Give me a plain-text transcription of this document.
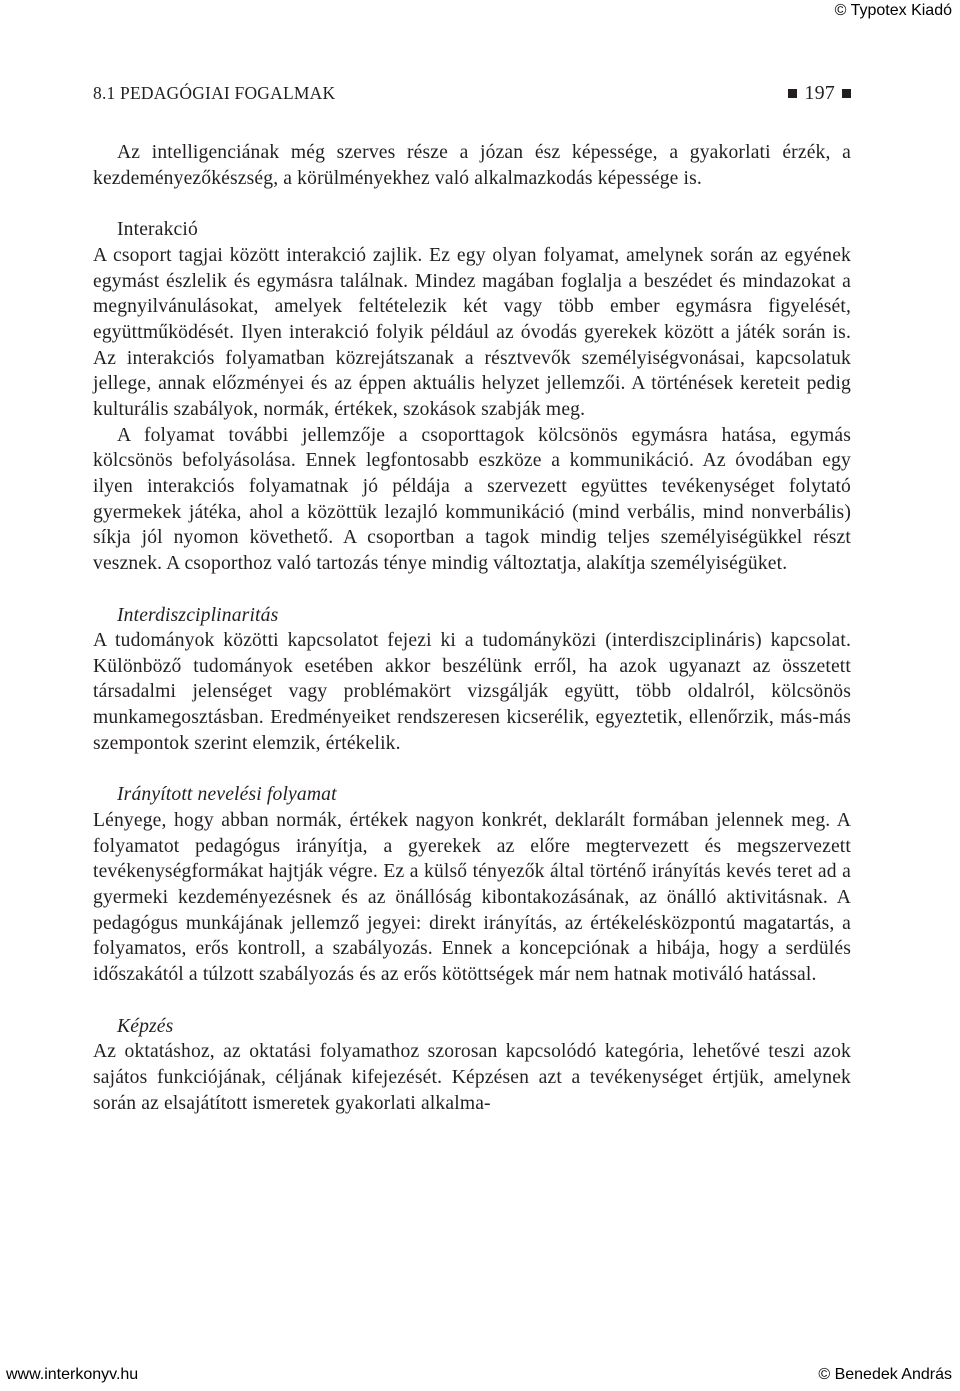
© Typotex Kiadó
8.1 PEDAGÓGIAI FOGALMAK	197

Az intelligenciának még szerves része a józan ész képessége, a gyakorlati érzék, a kezdeményezőkészség, a körülményekhez való alkalmazkodás képessége is.

Interakció

A csoport tagjai között interakció zajlik. Ez egy olyan folyamat, amelynek során az egyének egymást észlelik és egymásra találnak. Mindez magában foglalja a beszédet és mindazokat a megnyilvánulásokat, amelyek feltételezik két vagy több ember egymásra figyelését, együttműködését. Ilyen interakció folyik például az óvodás gyerekek között a játék során is. Az interakciós folyamatban közrejátszanak a résztvevők személyiségvonásai, kapcsolatuk jellege, annak előzményei és az éppen aktuális helyzet jellemzői. A történések kereteit pedig kulturális szabályok, normák, értékek, szokások szabják meg.

A folyamat további jellemzője a csoporttagok kölcsönös egymásra hatása, egymás kölcsönös befolyásolása. Ennek legfontosabb eszköze a kommunikáció. Az óvodában egy ilyen interakciós folyamatnak jó példája a szervezett együttes tevékenységet folytató gyermekek játéka, ahol a közöttük lezajló kommunikáció (mind verbális, mind nonverbális) síkja jól nyomon követhető. A csoportban a tagok mindig teljes személyiségükkel részt vesznek. A csoporthoz való tartozás ténye mindig változtatja, alakítja személyiségüket.

Interdiszciplinaritás

A tudományok közötti kapcsolatot fejezi ki a tudományközi (interdiszciplináris) kapcsolat. Különböző tudományok esetében akkor beszélünk erről, ha azok ugyanazt az összetett társadalmi jelenséget vagy problémakört vizsgálják együtt, több oldalról, kölcsönös munkamegosztásban. Eredményeiket rendszeresen kicserélik, egyeztetik, ellenőrzik, más-más szempontok szerint elemzik, értékelik.

Irányított nevelési folyamat

Lényege, hogy abban normák, értékek nagyon konkrét, deklarált formában jelennek meg. A folyamatot pedagógus irányítja, a gyerekek az előre megtervezett és megszervezett tevékenységformákat hajtják végre. Ez a külső tényezők által történő irányítás kevés teret ad a gyermeki kezdeményezésnek és az önállóság kibontakozásának, az önálló aktivitásnak. A pedagógus munkájának jellemző jegyei: direkt irányítás, az értékelésközpontú magatartás, a folyamatos, erős kontroll, a szabályozás. Ennek a koncepciónak a hibája, hogy a serdülés időszakától a túlzott szabályozás és az erős kötöttségek már nem hatnak motiváló hatással.

Képzés

Az oktatáshoz, az oktatási folyamathoz szorosan kapcsolódó kategória, lehetővé teszi azok sajátos funkciójának, céljának kifejezését. Képzésen azt a tevékenységet értjük, amelynek során az elsajátított ismeretek gyakorlati alkalma-

www.interkonyv.hu	© Benedek András
